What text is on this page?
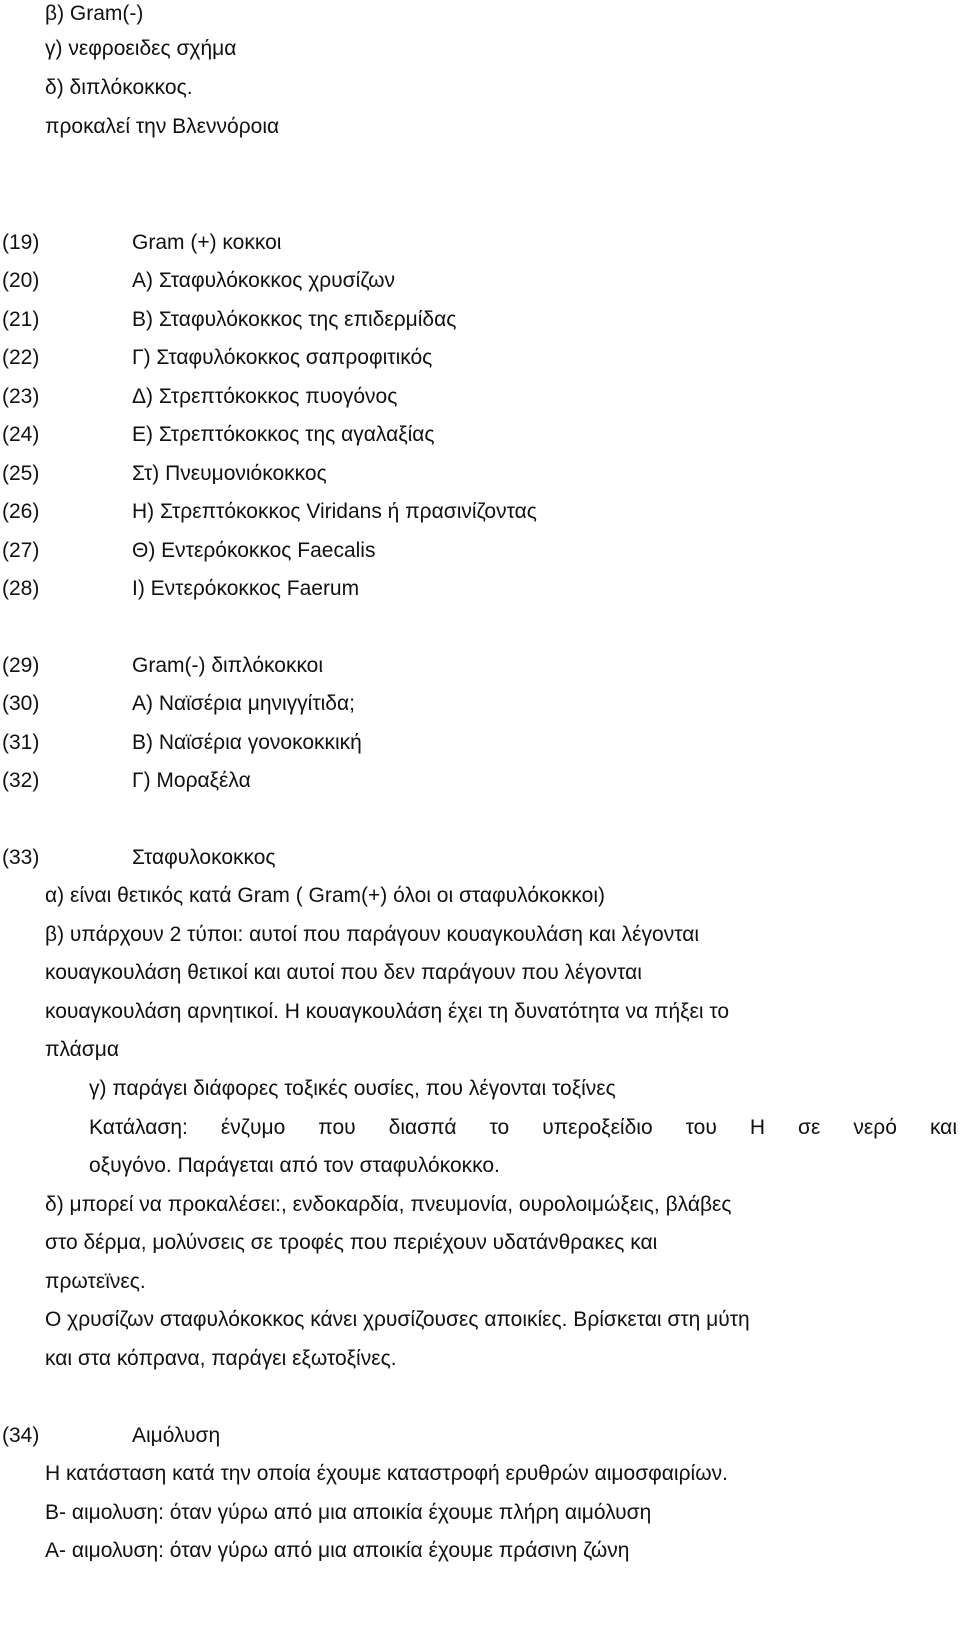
β) Gram(-)
γ) νεφροειδες σχήμα
δ) διπλόκοκκος.
προκαλεί την Βλεννόροια
(19)	Gram (+) κοκκοι
(20)	Α) Σταφυλόκοκκος χρυσίζων
(21)	Β) Σταφυλόκοκκος της επιδερμίδας
(22)	Γ) Σταφυλόκοκκος σαπροφιτικός
(23)	Δ) Στρεπτόκοκκος πυογόνος
(24)	Ε) Στρεπτόκοκκος της αγαλαξίας
(25)	Στ) Πνευμονιόκοκκος
(26)	Η) Στρεπτόκοκκος Viridans ή πρασινίζοντας
(27)	Θ) Εντερόκοκκος Faecalis
(28)	Ι) Εντερόκοκκος Faerum
(29)	Gram(-) διπλόκοκκοι
(30)	Α) Ναϊσέρια μηνιγγίτιδα;
(31)	Β) Ναϊσέρια γονοκοκκική
(32)	Γ) Μοραξέλα
(33)	Σταφυλοκοκκος
α) είναι θετικός κατά Gram ( Gram(+) όλοι οι σταφυλόκοκκοι)
β) υπάρχουν 2 τύποι: αυτοί που παράγουν κουαγκουλάση και λέγονται
κουαγκουλάση θετικοί και αυτοί που δεν παράγουν που λέγονται
κουαγκουλάση αρνητικοί. Η κουαγκουλάση έχει τη δυνατότητα να πήξει το
πλάσμα
γ) παράγει διάφορες τοξικές ουσίες, που λέγονται τοξίνες
Κατάλαση: ένζυμο που διασπά το υπεροξείδιο του Η σε νερό και
οξυγόνο. Παράγεται από τον σταφυλόκοκκο.
δ) μπορεί να προκαλέσει:, ενδοκαρδία, πνευμονία, ουρολοιμώξεις, βλάβες
στο δέρμα, μολύνσεις σε τροφές που περιέχουν υδατάνθρακες και
πρωτεϊνες.
Ο χρυσίζων σταφυλόκοκκος κάνει χρυσίζουσες αποικίες. Βρίσκεται στη μύτη
και στα κόπρανα, παράγει εξωτοξίνες.
(34)	Αιμόλυση
Η κατάσταση κατά την οποία έχουμε καταστροφή ερυθρών αιμοσφαιρίων.
Β- αιμολυση: όταν γύρω από μια αποικία έχουμε πλήρη αιμόλυση
Α- αιμολυση: όταν γύρω από μια αποικία έχουμε πράσινη ζώνη
